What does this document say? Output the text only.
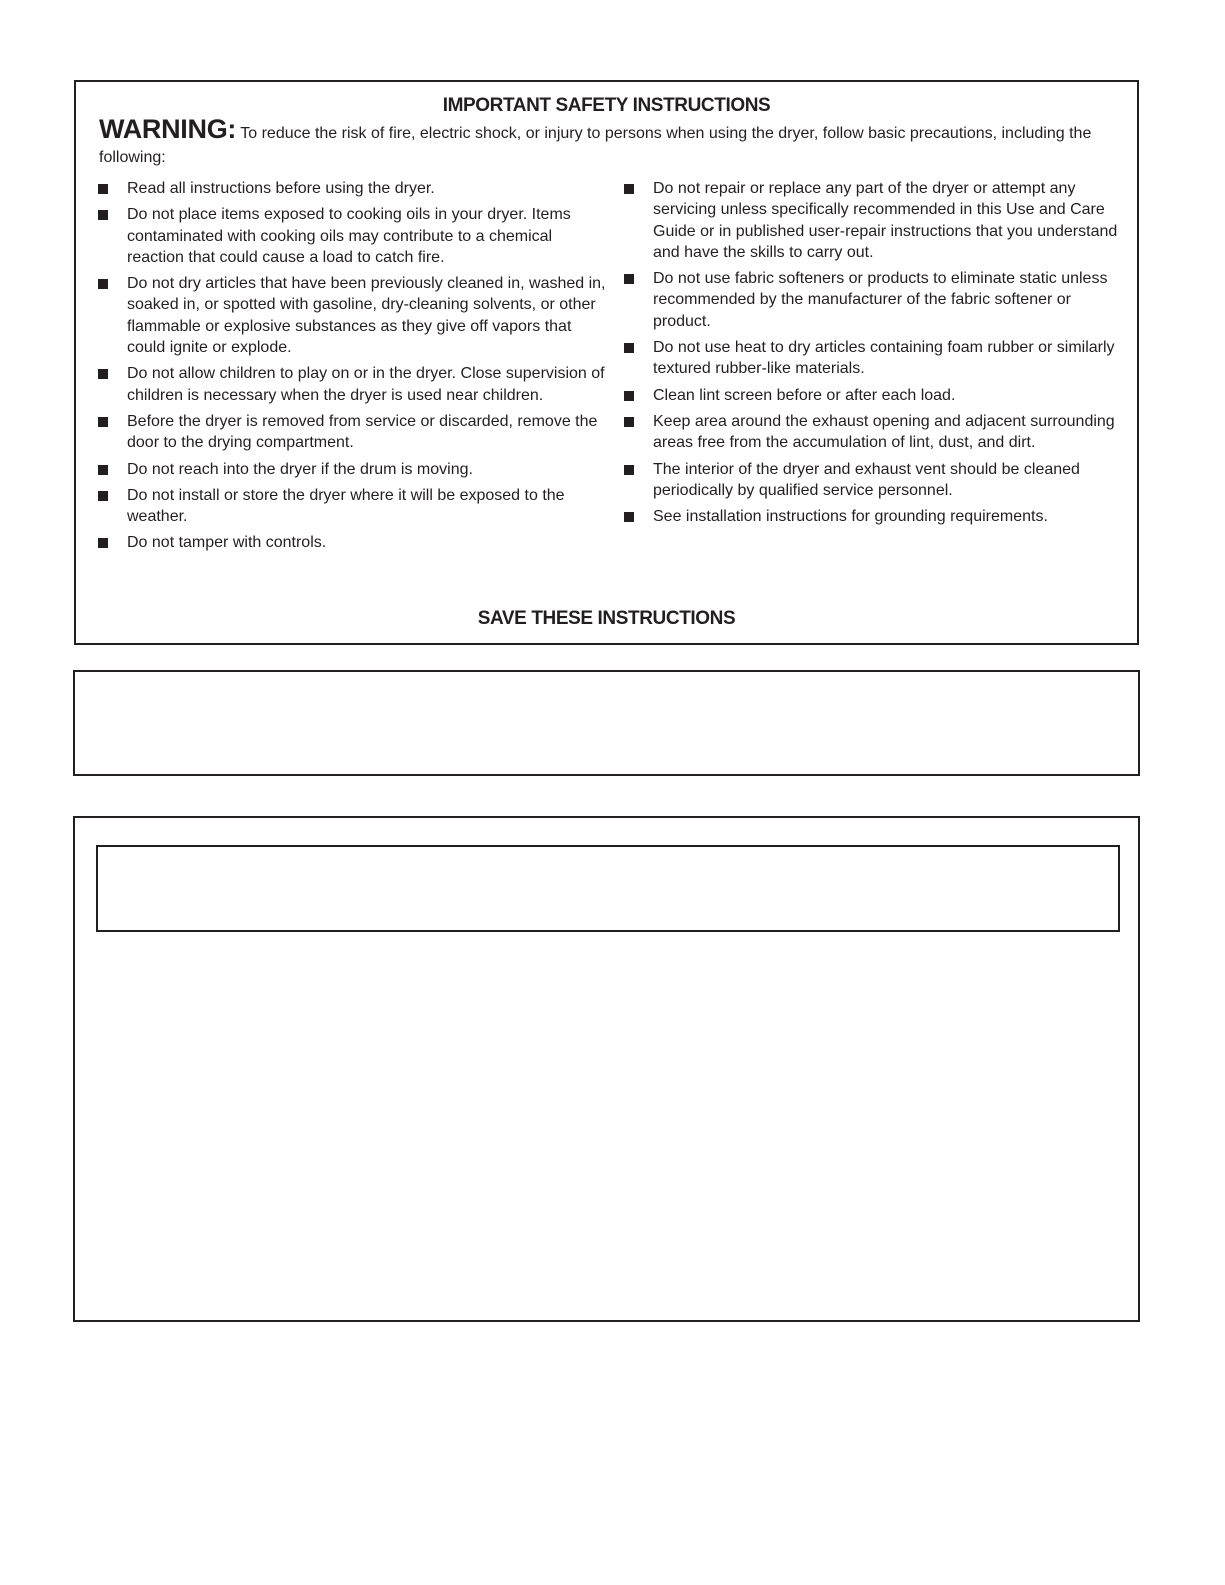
IMPORTANT SAFETY INSTRUCTIONS
WARNING: To reduce the risk of fire, electric shock, or injury to persons when using the dryer, follow basic precautions, including the following:
Read all instructions before using the dryer.
Do not place items exposed to cooking oils in your dryer. Items contaminated with cooking oils may contribute to a chemical reaction that could cause a load to catch fire.
Do not dry articles that have been previously cleaned in, washed in, soaked in, or spotted with gasoline, dry-cleaning solvents, or other flammable or explosive substances as they give off vapors that could ignite or explode.
Do not allow children to play on or in the dryer. Close supervision of children is necessary when the dryer is used near children.
Before the dryer is removed from service or discarded, remove the door to the drying compartment.
Do not reach into the dryer if the drum is moving.
Do not install or store the dryer where it will be exposed to the weather.
Do not tamper with controls.
Do not repair or replace any part of the dryer or attempt any servicing unless specifically recommended in this Use and Care Guide or in published user-repair instructions that you understand and have the skills to carry out.
Do not use fabric softeners or products to eliminate static unless recommended by the manufacturer of the fabric softener or product.
Do not use heat to dry articles containing foam rubber or similarly textured rubber-like materials.
Clean lint screen before or after each load.
Keep area around the exhaust opening and adjacent surrounding areas free from the accumulation of lint, dust, and dirt.
The interior of the dryer and exhaust vent should be cleaned periodically by qualified service personnel.
See installation instructions for grounding requirements.
SAVE THESE INSTRUCTIONS
